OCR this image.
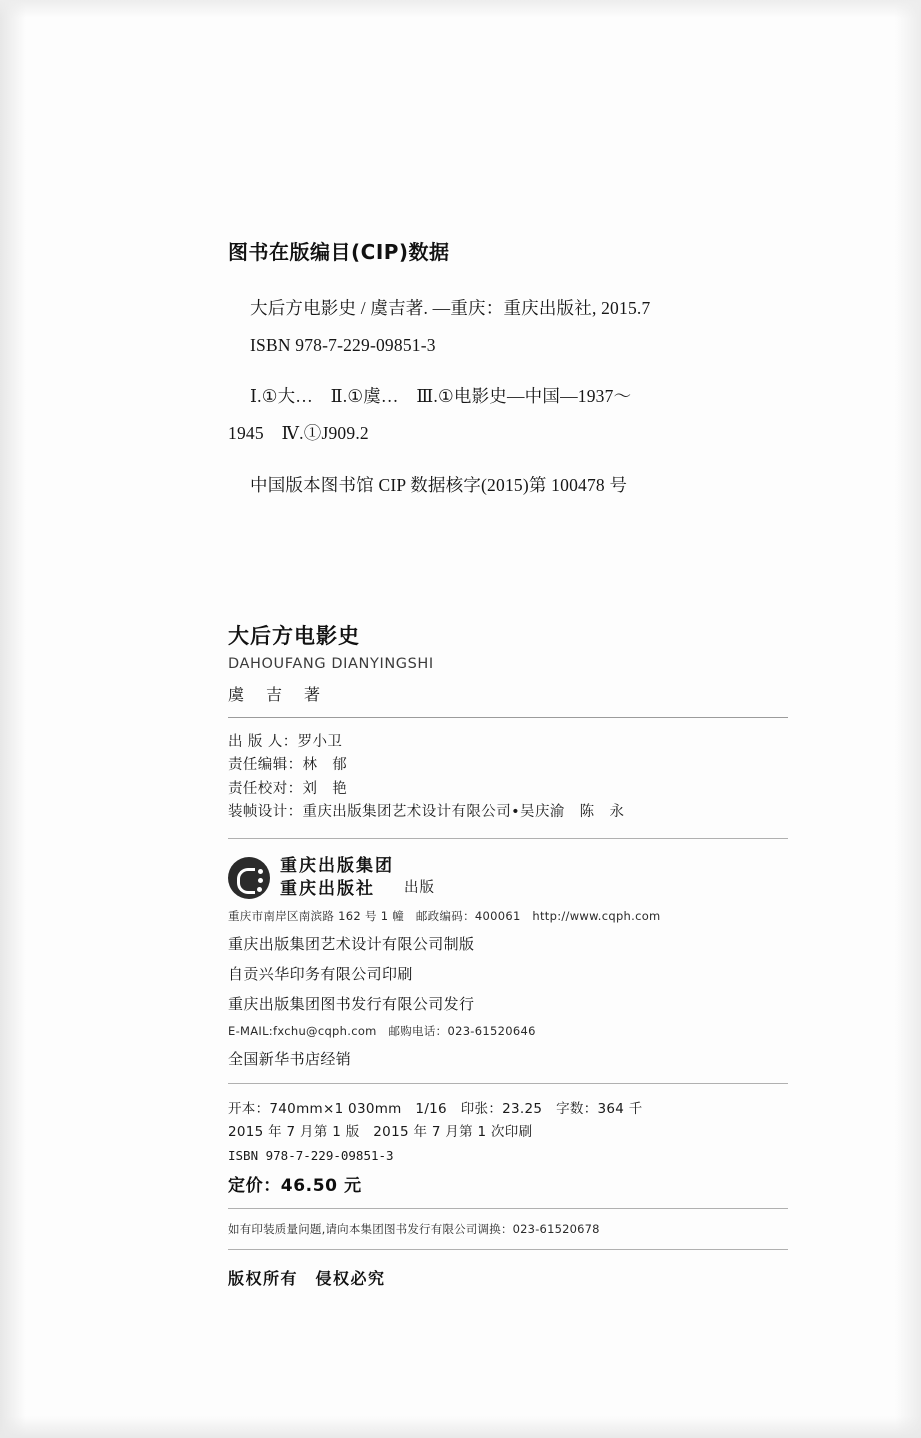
图书在版编目(CIP)数据
大后方电影史 / 虞吉著. —重庆：重庆出版社, 2015.7
ISBN 978-7-229-09851-3
Ⅰ.①大…　Ⅱ.①虞…　Ⅲ.①电影史—中国—1937～
1945　Ⅳ.①J909.2
中国版本图书馆 CIP 数据核字(2015)第 100478 号
大后方电影史
DAHOUFANG DIANYINGSHI
虞　吉　著
出 版 人：罗小卫
责任编辑：林　郁
责任校对：刘　艳
装帧设计：重庆出版集团艺术设计有限公司•吴庆渝　陈　永
重庆出版集团
重庆出版社	出版
重庆市南岸区南滨路 162 号 1 幢　邮政编码：400061　http://www.cqph.com
重庆出版集团艺术设计有限公司制版
自贡兴华印务有限公司印刷
重庆出版集团图书发行有限公司发行
E-MAIL:fxchu@cqph.com　邮购电话：023-61520646
全国新华书店经销
开本：740mm×1 030mm　1/16　印张：23.25　字数：364 千
2015 年 7 月第 1 版　2015 年 7 月第 1 次印刷
ISBN 978-7-229-09851-3
定价：46.50 元
如有印装质量问题,请向本集团图书发行有限公司调换：023-61520678
版权所有　侵权必究
